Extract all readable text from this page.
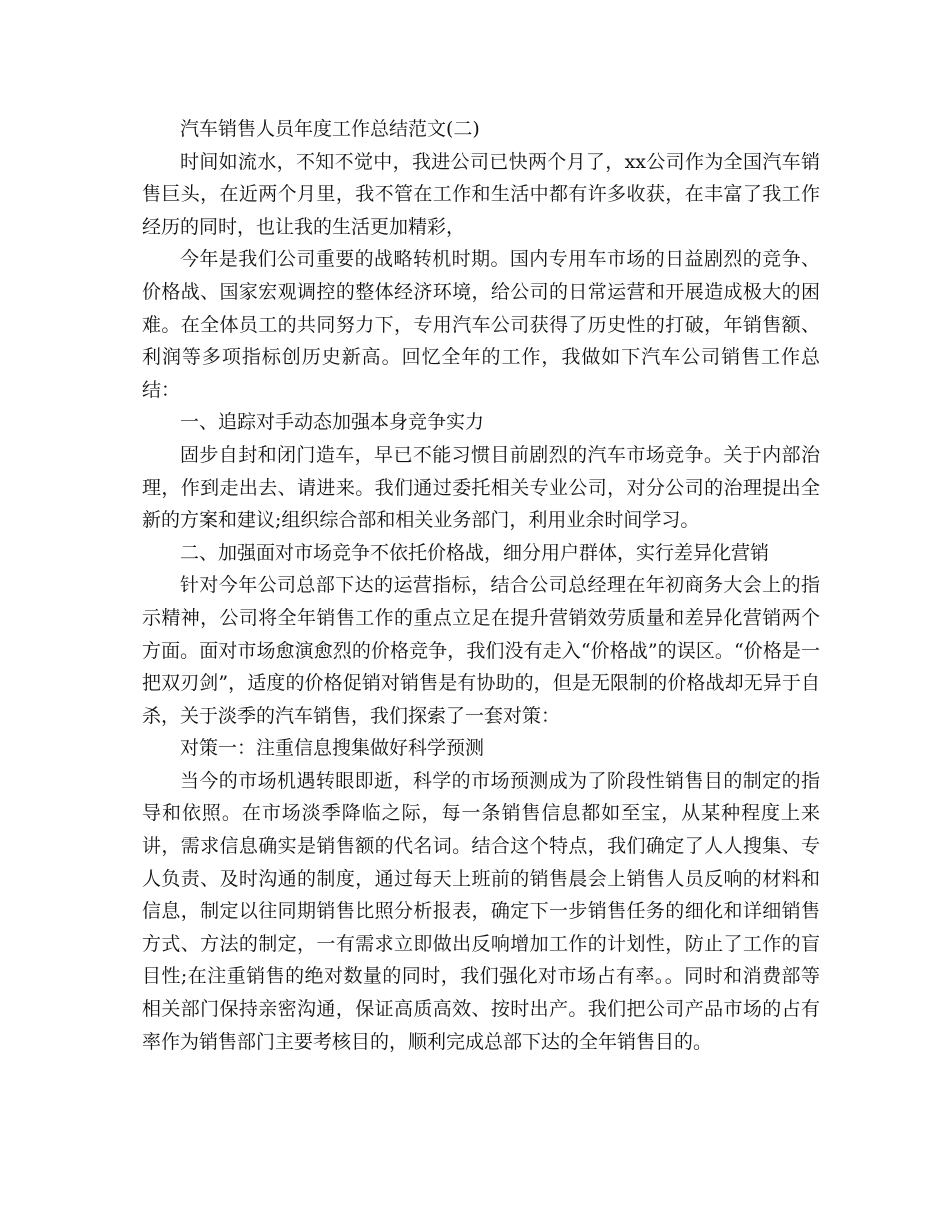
汽车销售人员年度工作总结范文(二)

时间如流水，不知不觉中，我进公司已快两个月了，xx公司作为全国汽车销售巨头，在近两个月里，我不管在工作和生活中都有许多收获，在丰富了我工作经历的同时，也让我的生活更加精彩，

今年是我们公司重要的战略转机时期。国内专用车市场的日益剧烈的竞争、价格战、国家宏观调控的整体经济环境，给公司的日常运营和开展造成极大的困难。在全体员工的共同努力下，专用汽车公司获得了历史性的打破，年销售额、利润等多项指标创历史新高。回忆全年的工作，我做如下汽车公司销售工作总结：

一、追踪对手动态加强本身竞争实力

固步自封和闭门造车，早已不能习惯目前剧烈的汽车市场竞争。关于内部治理，作到走出去、请进来。我们通过委托相关专业公司，对分公司的治理提出全新的方案和建议;组织综合部和相关业务部门，利用业余时间学习。

二、加强面对市场竞争不依托价格战，细分用户群体，实行差异化营销

针对今年公司总部下达的运营指标，结合公司总经理在年初商务大会上的指示精神，公司将全年销售工作的重点立足在提升营销效劳质量和差异化营销两个方面。面对市场愈演愈烈的价格竞争，我们没有走入“价格战”的误区。“价格是一把双刃剑”，适度的价格促销对销售是有协助的，但是无限制的价格战却无异于自杀，关于淡季的汽车销售，我们探索了一套对策：

对策一：注重信息搜集做好科学预测

当今的市场机遇转眼即逝，科学的市场预测成为了阶段性销售目的制定的指导和依照。在市场淡季降临之际，每一条销售信息都如至宝，从某种程度上来讲，需求信息确实是销售额的代名词。结合这个特点，我们确定了人人搜集、专人负责、及时沟通的制度，通过每天上班前的销售晨会上销售人员反响的材料和信息，制定以往同期销售比照分析报表，确定下一步销售任务的细化和详细销售方式、方法的制定，一有需求立即做出反响增加工作的计划性，防止了工作的盲目性;在注重销售的绝对数量的同时，我们强化对市场占有率。。同时和消费部等相关部门保持亲密沟通，保证高质高效、按时出产。我们把公司产品市场的占有率作为销售部门主要考核目的，顺利完成总部下达的全年销售目的。
